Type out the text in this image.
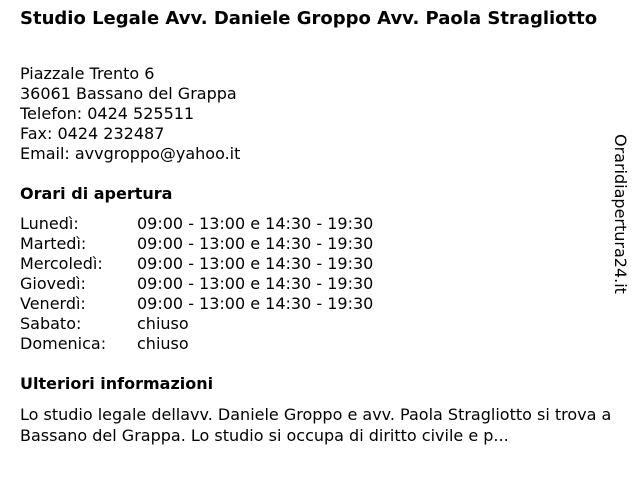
Studio Legale Avv. Daniele Groppo Avv. Paola Stragliotto
Piazzale Trento 6
36061 Bassano del Grappa
Telefon: 0424 525511
Fax: 0424 232487
Email: avvgroppo@yahoo.it
Orari di apertura
Lunedì:	09:00 - 13:00 e 14:30 - 19:30
Martedì:	09:00 - 13:00 e 14:30 - 19:30
Mercoledì: 09:00 - 13:00 e 14:30 - 19:30
Giovedì:	09:00 - 13:00 e 14:30 - 19:30
Venerdì:	09:00 - 13:00 e 14:30 - 19:30
Sabato:	chiuso
Domenica: chiuso
Ulteriori informazioni
Lo studio legale dellavv. Daniele Groppo e avv. Paola Stragliotto si trova a Bassano del Grappa. Lo studio si occupa di diritto civile e p...
Oraridiapertura24.it
